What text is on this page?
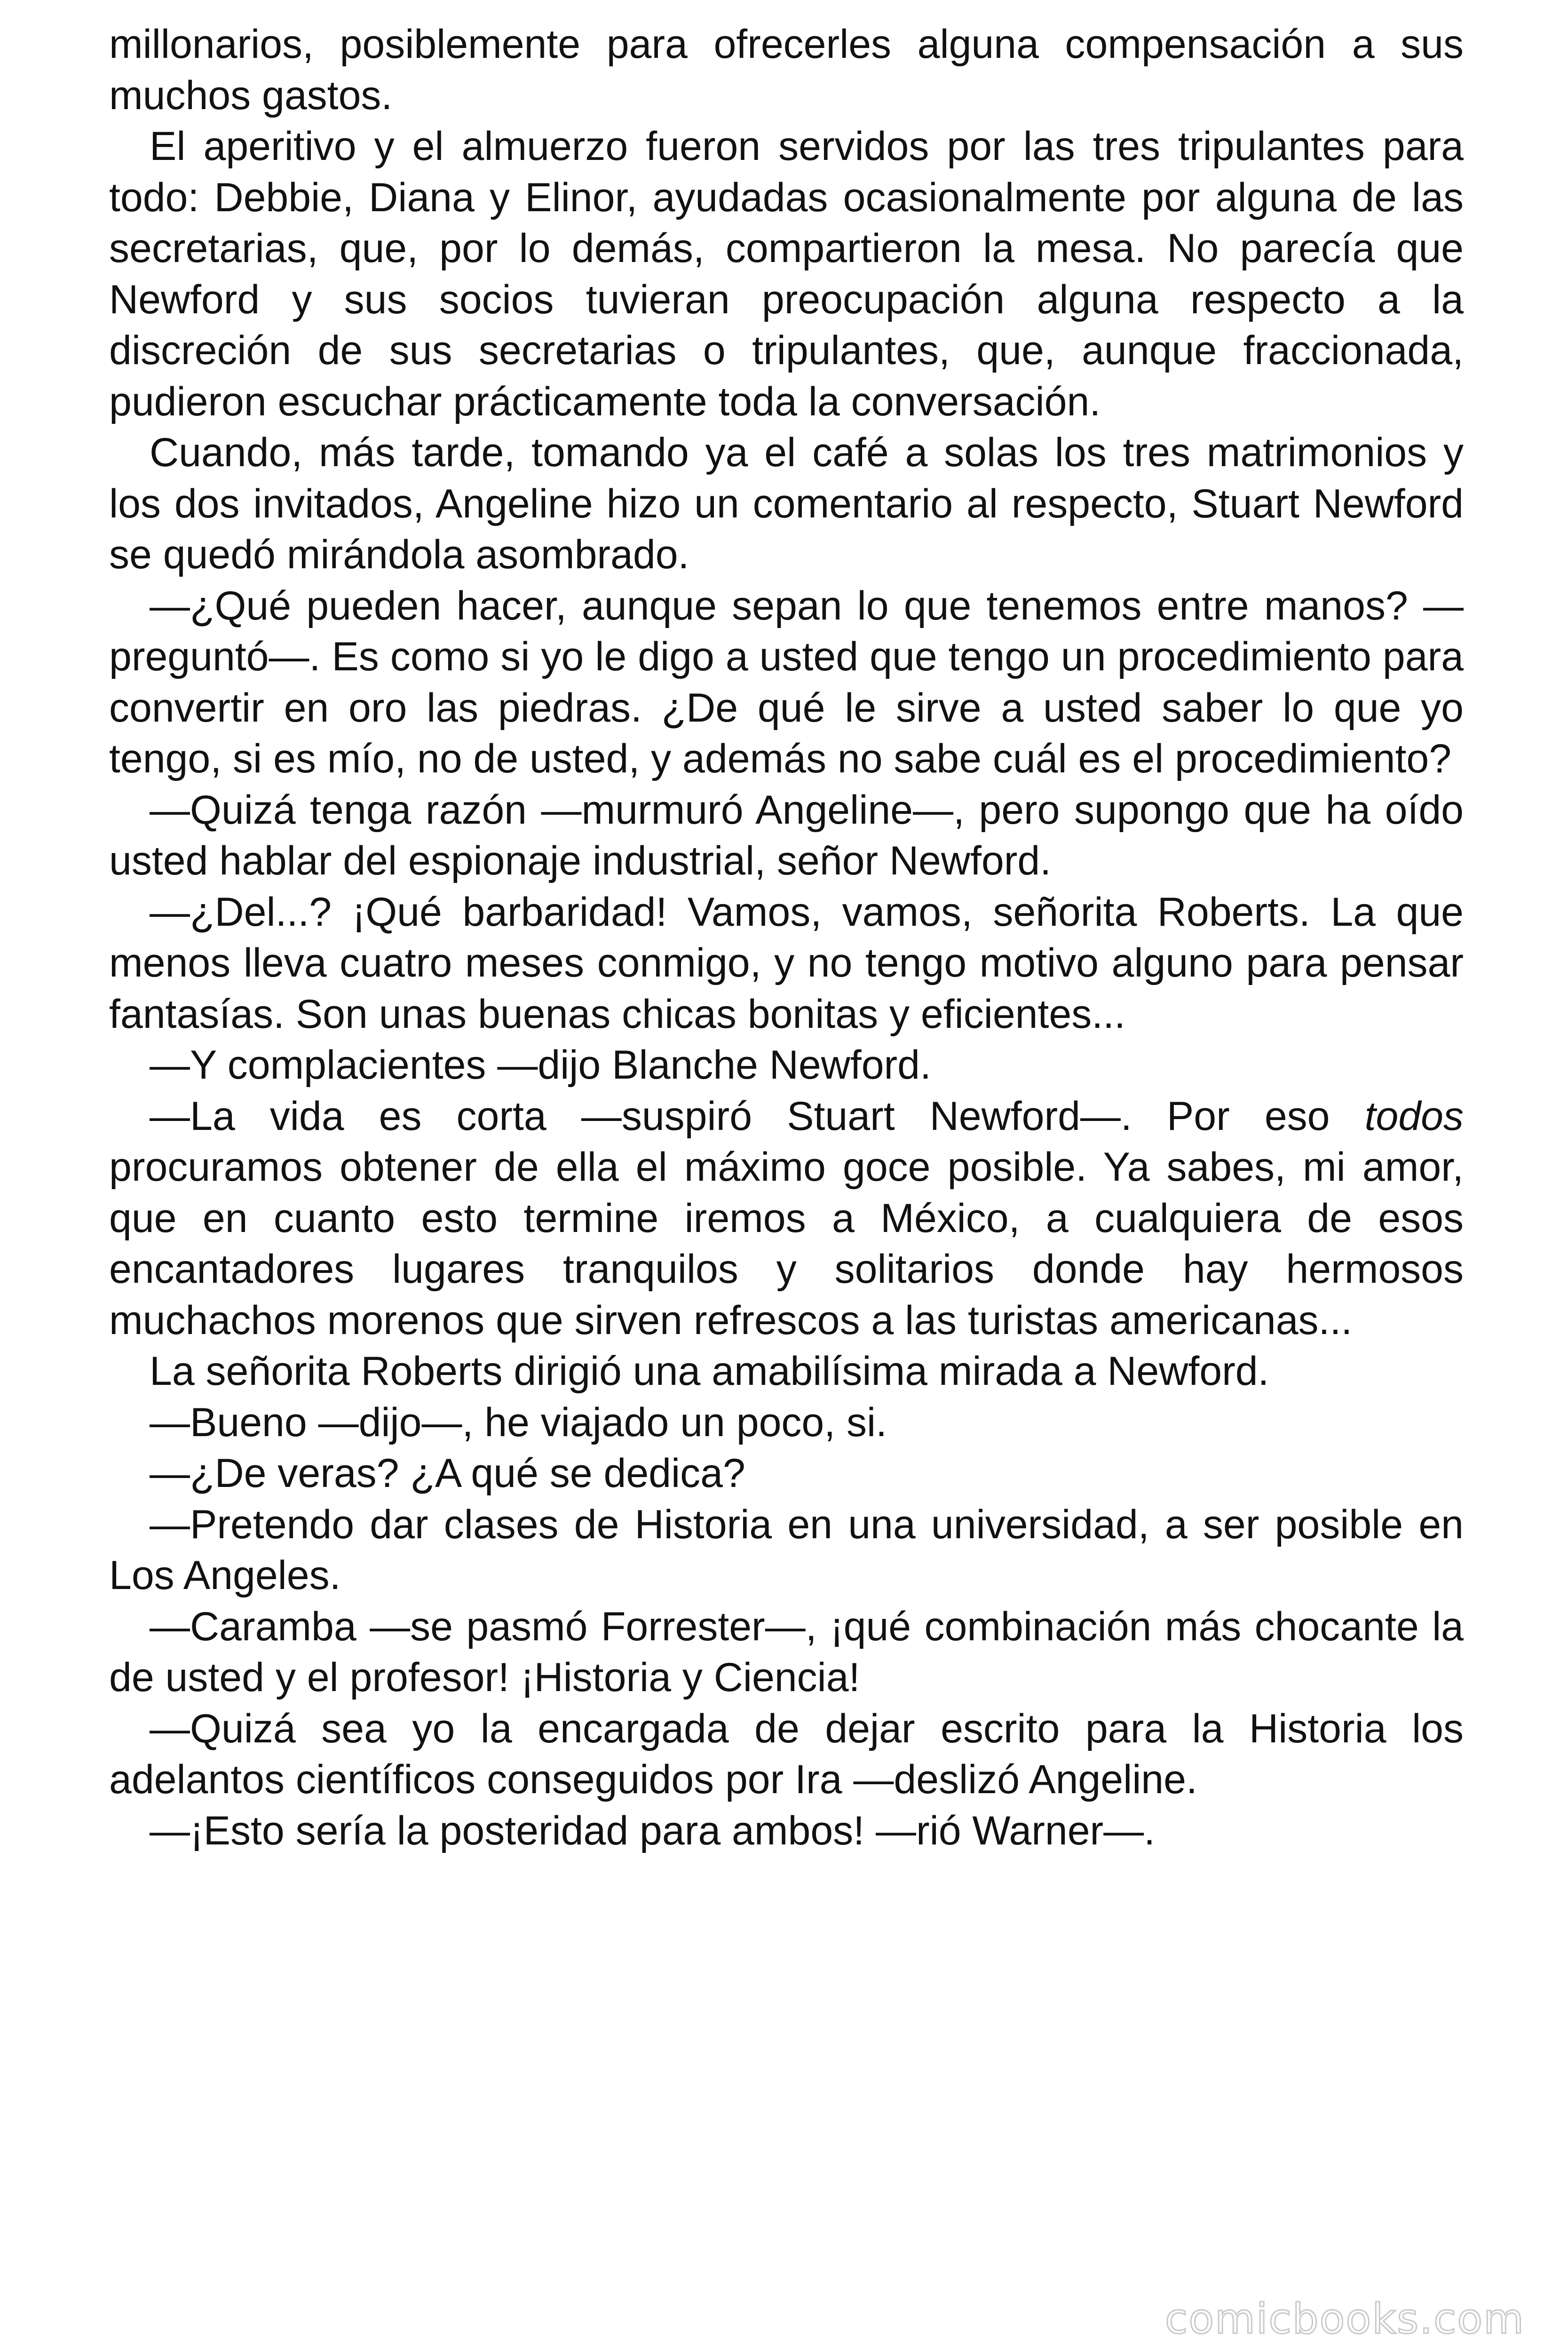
millonarios, posiblemente para ofrecerles alguna compensación a sus muchos gastos.

El aperitivo y el almuerzo fueron servidos por las tres tripulantes para todo: Debbie, Diana y Elinor, ayudadas ocasionalmente por alguna de las secretarias, que, por lo demás, compartieron la mesa. No parecía que Newford y sus socios tuvieran preocupación alguna respecto a la discreción de sus secretarias o tripulantes, que, aunque fraccionada, pudieron escuchar prácticamente toda la conversación.

Cuando, más tarde, tomando ya el café a solas los tres matrimonios y los dos invitados, Angeline hizo un comentario al respecto, Stuart Newford se quedó mirándola asombrado.

—¿Qué pueden hacer, aunque sepan lo que tenemos entre manos? —preguntó—. Es como si yo le digo a usted que tengo un procedimiento para convertir en oro las piedras. ¿De qué le sirve a usted saber lo que yo tengo, si es mío, no de usted, y además no sabe cuál es el procedimiento?

—Quizá tenga razón —murmuró Angeline—, pero supongo que ha oído usted hablar del espionaje industrial, señor Newford.

—¿Del...? ¡Qué barbaridad! Vamos, vamos, señorita Roberts. La que menos lleva cuatro meses conmigo, y no tengo motivo alguno para pensar fantasías. Son unas buenas chicas bonitas y eficientes...

—Y complacientes —dijo Blanche Newford.

—La vida es corta —suspiró Stuart Newford—. Por eso todos procuramos obtener de ella el máximo goce posible. Ya sabes, mi amor, que en cuanto esto termine iremos a México, a cualquiera de esos encantadores lugares tranquilos y solitarios donde hay hermosos muchachos morenos que sirven refrescos a las turistas americanas...

La señorita Roberts dirigió una amabilísima mirada a Newford.

—Bueno —dijo—, he viajado un poco, si.

—¿De veras? ¿A qué se dedica?

—Pretendo dar clases de Historia en una universidad, a ser posible en Los Angeles.

—Caramba —se pasmó Forrester—, ¡qué combinación más chocante la de usted y el profesor! ¡Historia y Ciencia!

—Quizá sea yo la encargada de dejar escrito para la Historia los adelantos científicos conseguidos por Ira —deslizó Angeline.

—¡Esto sería la posteridad para ambos! —rió Warner—.

comicbooks.com
